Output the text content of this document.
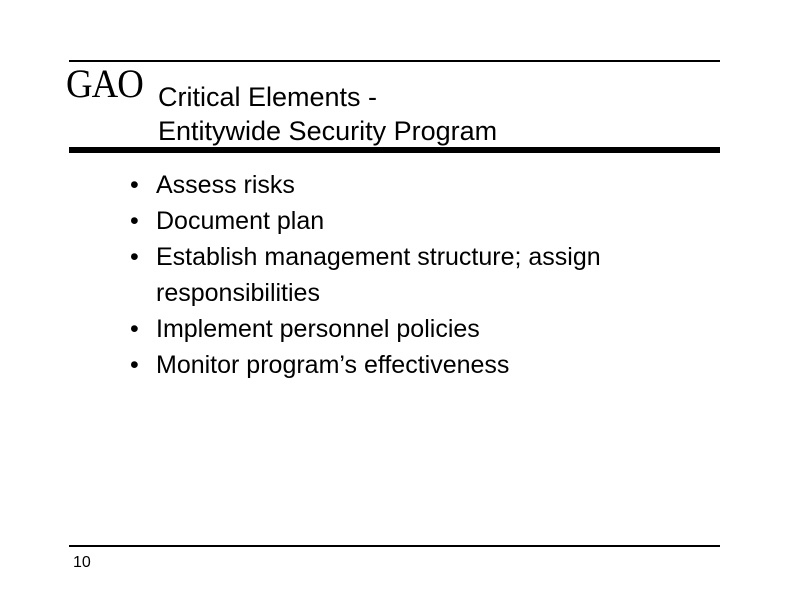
GAO Critical Elements -
Entitywide Security Program
• Assess risks
• Document plan
• Establish management structure; assign
responsibilities
• Implement personnel policies
• Monitor program’s effectiveness
10
